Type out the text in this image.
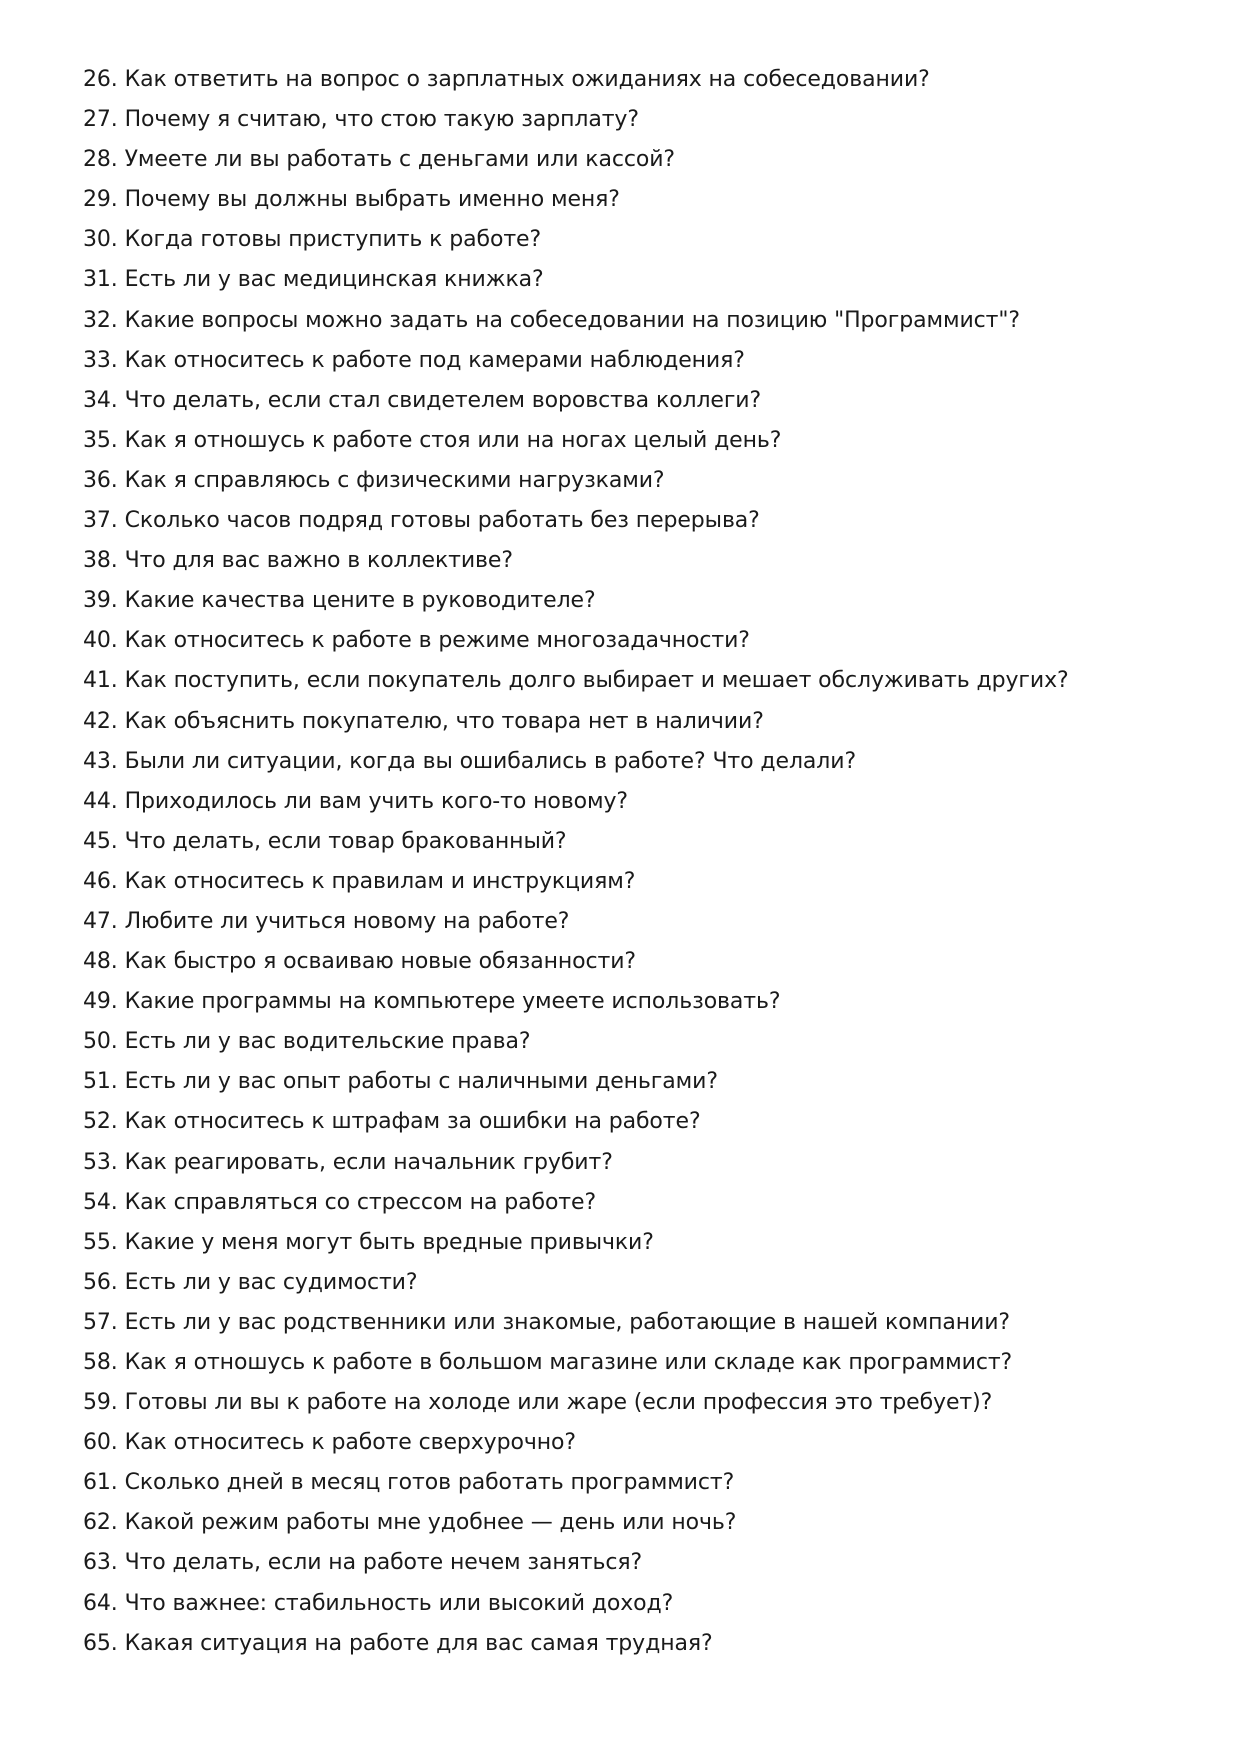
26. Как ответить на вопрос о зарплатных ожиданиях на собеседовании?
27. Почему я считаю, что стою такую зарплату?
28. Умеете ли вы работать с деньгами или кассой?
29. Почему вы должны выбрать именно меня?
30. Когда готовы приступить к работе?
31. Есть ли у вас медицинская книжка?
32. Какие вопросы можно задать на собеседовании на позицию "Программист"?
33. Как относитесь к работе под камерами наблюдения?
34. Что делать, если стал свидетелем воровства коллеги?
35. Как я отношусь к работе стоя или на ногах целый день?
36. Как я справляюсь с физическими нагрузками?
37. Сколько часов подряд готовы работать без перерыва?
38. Что для вас важно в коллективе?
39. Какие качества цените в руководителе?
40. Как относитесь к работе в режиме многозадачности?
41. Как поступить, если покупатель долго выбирает и мешает обслуживать других?
42. Как объяснить покупателю, что товара нет в наличии?
43. Были ли ситуации, когда вы ошибались в работе? Что делали?
44. Приходилось ли вам учить кого-то новому?
45. Что делать, если товар бракованный?
46. Как относитесь к правилам и инструкциям?
47. Любите ли учиться новому на работе?
48. Как быстро я осваиваю новые обязанности?
49. Какие программы на компьютере умеете использовать?
50. Есть ли у вас водительские права?
51. Есть ли у вас опыт работы с наличными деньгами?
52. Как относитесь к штрафам за ошибки на работе?
53. Как реагировать, если начальник грубит?
54. Как справляться со стрессом на работе?
55. Какие у меня могут быть вредные привычки?
56. Есть ли у вас судимости?
57. Есть ли у вас родственники или знакомые, работающие в нашей компании?
58. Как я отношусь к работе в большом магазине или складе как программист?
59. Готовы ли вы к работе на холоде или жаре (если профессия это требует)?
60. Как относитесь к работе сверхурочно?
61. Сколько дней в месяц готов работать программист?
62. Какой режим работы мне удобнее — день или ночь?
63. Что делать, если на работе нечем заняться?
64. Что важнее: стабильность или высокий доход?
65. Какая ситуация на работе для вас самая трудная?
